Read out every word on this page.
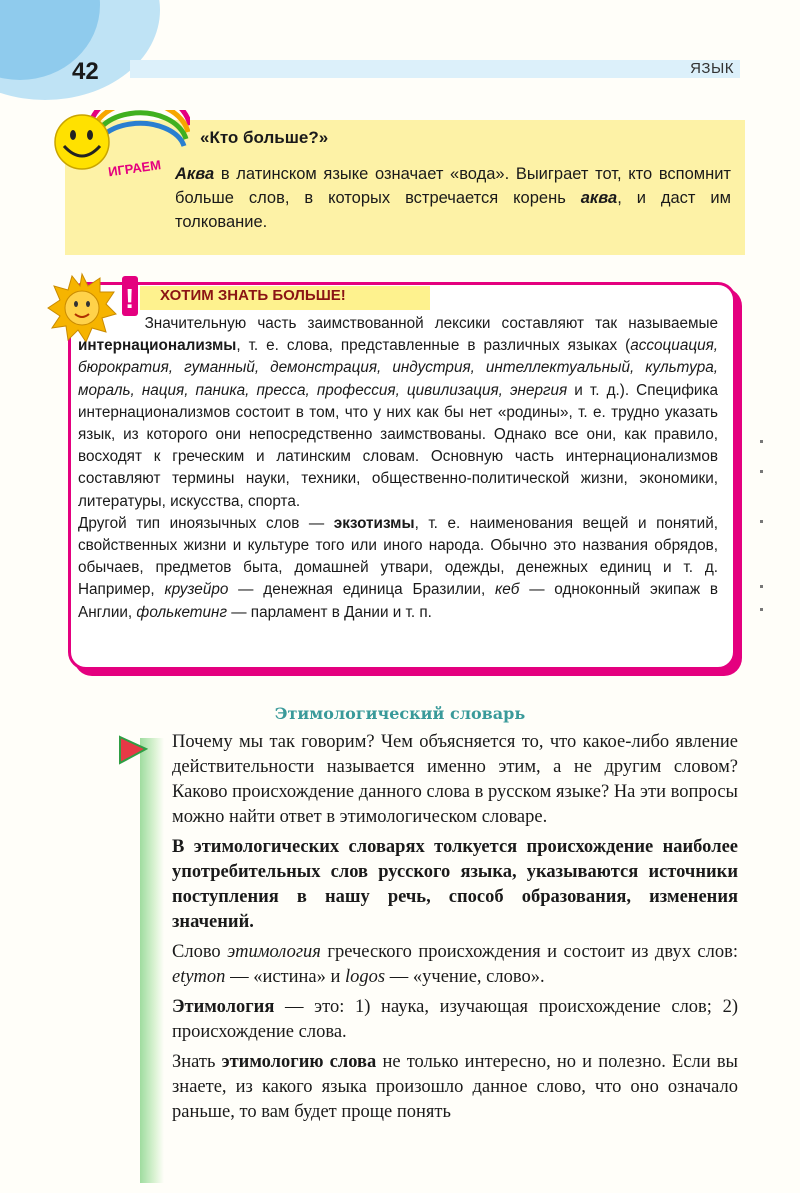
42	ЯЗЫК
ИГРАЕМ
«Кто больше?»
Аква в латинском языке означает «вода». Выиграет тот, кто вспомнит больше слов, в которых встречается корень аква, и даст им толкование.
! ХОТИМ ЗНАТЬ БОЛЬШЕ!

Значительную часть заимствованной лексики составляют так называемые интернационализмы, т. е. слова, представленные в различных языках (ассоциация, бюрократия, гуманный, демонстрация, индустрия, интеллектуальный, культура, мораль, нация, паника, пресса, профессия, цивилизация, энергия и т. д.). Специфика интернационализмов состоит в том, что у них как бы нет «родины», т. е. трудно указать язык, из которого они непосредственно заимствованы. Однако все они, как правило, восходят к греческим и латинским словам. Основную часть интернационализмов составляют термины науки, техники, общественно-политической жизни, экономики, литературы, искусства, спорта.

Другой тип иноязычных слов — экзотизмы, т. е. наименования вещей и понятий, свойственных жизни и культуре того или иного народа. Обычно это названия обрядов, обычаев, предметов быта, домашней утвари, одежды, денежных единиц и т. д. Например, крузейро — денежная единица Бразилии, кеб — одноконный экипаж в Англии, фолькетинг — парламент в Дании и т. п.

Этимологический словарь

Почему мы так говорим? Чем объясняется то, что какое-либо явление действительности называется именно этим, а не другим словом? Каково происхождение данного слова в русском языке? На эти вопросы можно найти ответ в этимологическом словаре.

В этимологических словарях толкуется происхождение наиболее употребительных слов русского языка, указываются источники поступления в нашу речь, способ образования, изменения значений.

Слово этимология греческого происхождения и состоит из двух слов: etymon — «истина» и logos — «учение, слово».

Этимология — это: 1) наука, изучающая происхождение слов; 2) происхождение слова.

Знать этимологию слова не только интересно, но и полезно. Если вы знаете, из какого языка произошло данное слово, что оно означало раньше, то вам будет проще понять
